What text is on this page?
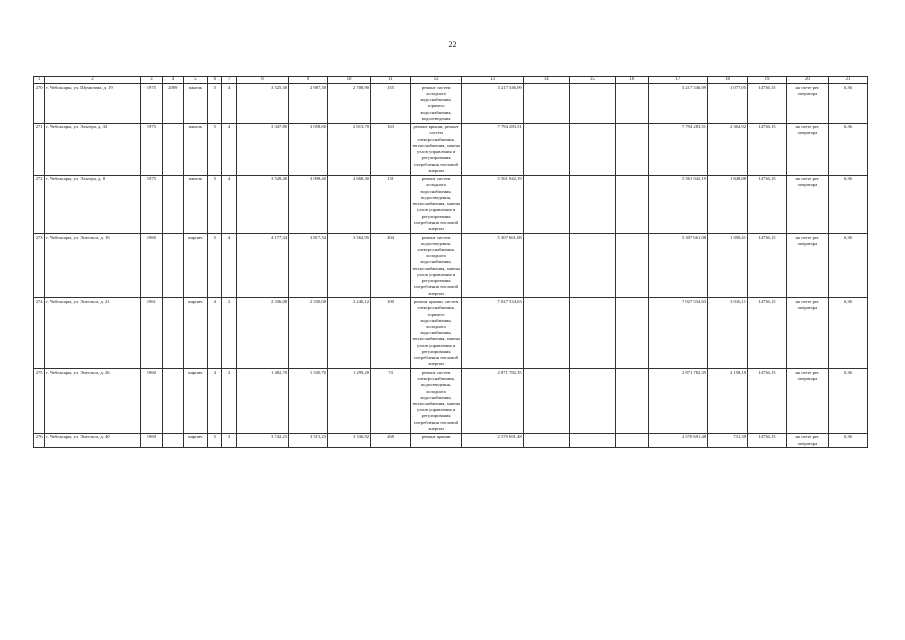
22
1	2	3	4	5	6	7	8	9	10	11	12	13	14	15	16	17	18	19	20	21
270	г. Чебоксары, ул. Шумилова, д. 19	1975	2009	панель	5	4	3 525,30	2 987,30	2 708,90	155	ремонт систем холодного водоснабжения, горячего водоснабжения, водоотведения	3 217 546,09				3 217 546,09	1 077,05	14736,15	на счете рег. оператора	6,36
271	г. Чебоксары, ул. Эльгера, д. 32	1975		панель	5	4	3 347,80	3 058,80	2 813,70	163	ремонт крыши, ремонт систем электроснабжения, теплоснабжения, замена узлов управления и регулирования потребления тепловой энергии	7 794 283,51				7 794 283,51	2 364,92	14736,15	на счете рег. оператора	6,36
272	г. Чебоксары, ул. Эльгера, д. 8	1975		панель	5	4	3 528,40	3 098,40	2 668,30	131	ремонт систем холодного водоснабжения, водоотведения, теплоснабжения, замена узлов управления и регулирования потребления тепловой энергии	5 561 942,19				5 561 942,19	1 848,88	14736,15	на счете рег. оператора	6,36
273	г. Чебоксары, ул. Энгельса, д. 19	1960		кирпич	5	4	4 177,34	3 817,34	3 562,95	204	ремонт систем водоотведения, электроснабжения, холодного водоснабжения, теплоснабжения, замена узлов управления и регулирования потребления тепловой энергии	5 307 661,08				5 307 661,08	1 390,41	14736,15	на счете рег. оператора	6,36
274	г. Чебоксары, ул. Энгельса, д. 21	1961		кирпич	4	2	2 336,08	2 330,00	2 246,12	100	ремонт крыши, систем электроснабжения, горячего водоснабжения, холодного водоснабжения, теплоснабжения, замена узлов управления и регулирования потребления тепловой энергии	7 027 534,63				7 027 534,63	3 016,11	14736,15	на счете рег. оператора	6,36
275	г. Чебоксары, ул. Энгельса, д. 26	1960		кирпич	4	2	1 482,70	1 330,70	1 299,20	74	ремонт систем электроснабжения, водоотведения, холодного водоснабжения, теплоснабжения, замена узлов управления и регулирования потребления тепловой энергии	2 871 782,35				2 871 782,35	2 158,10	14736,15	на счете рег. оператора	6,36
276	г. Чебоксары, ул. Энгельса, д. 40	1969		кирпич	5	3	3 742,23	3 515,23	3 336,92	268	ремонт крыши	2 570 691,48				2 570 691,48	731,30	14736,15	на счете рег. оператора	6,36
